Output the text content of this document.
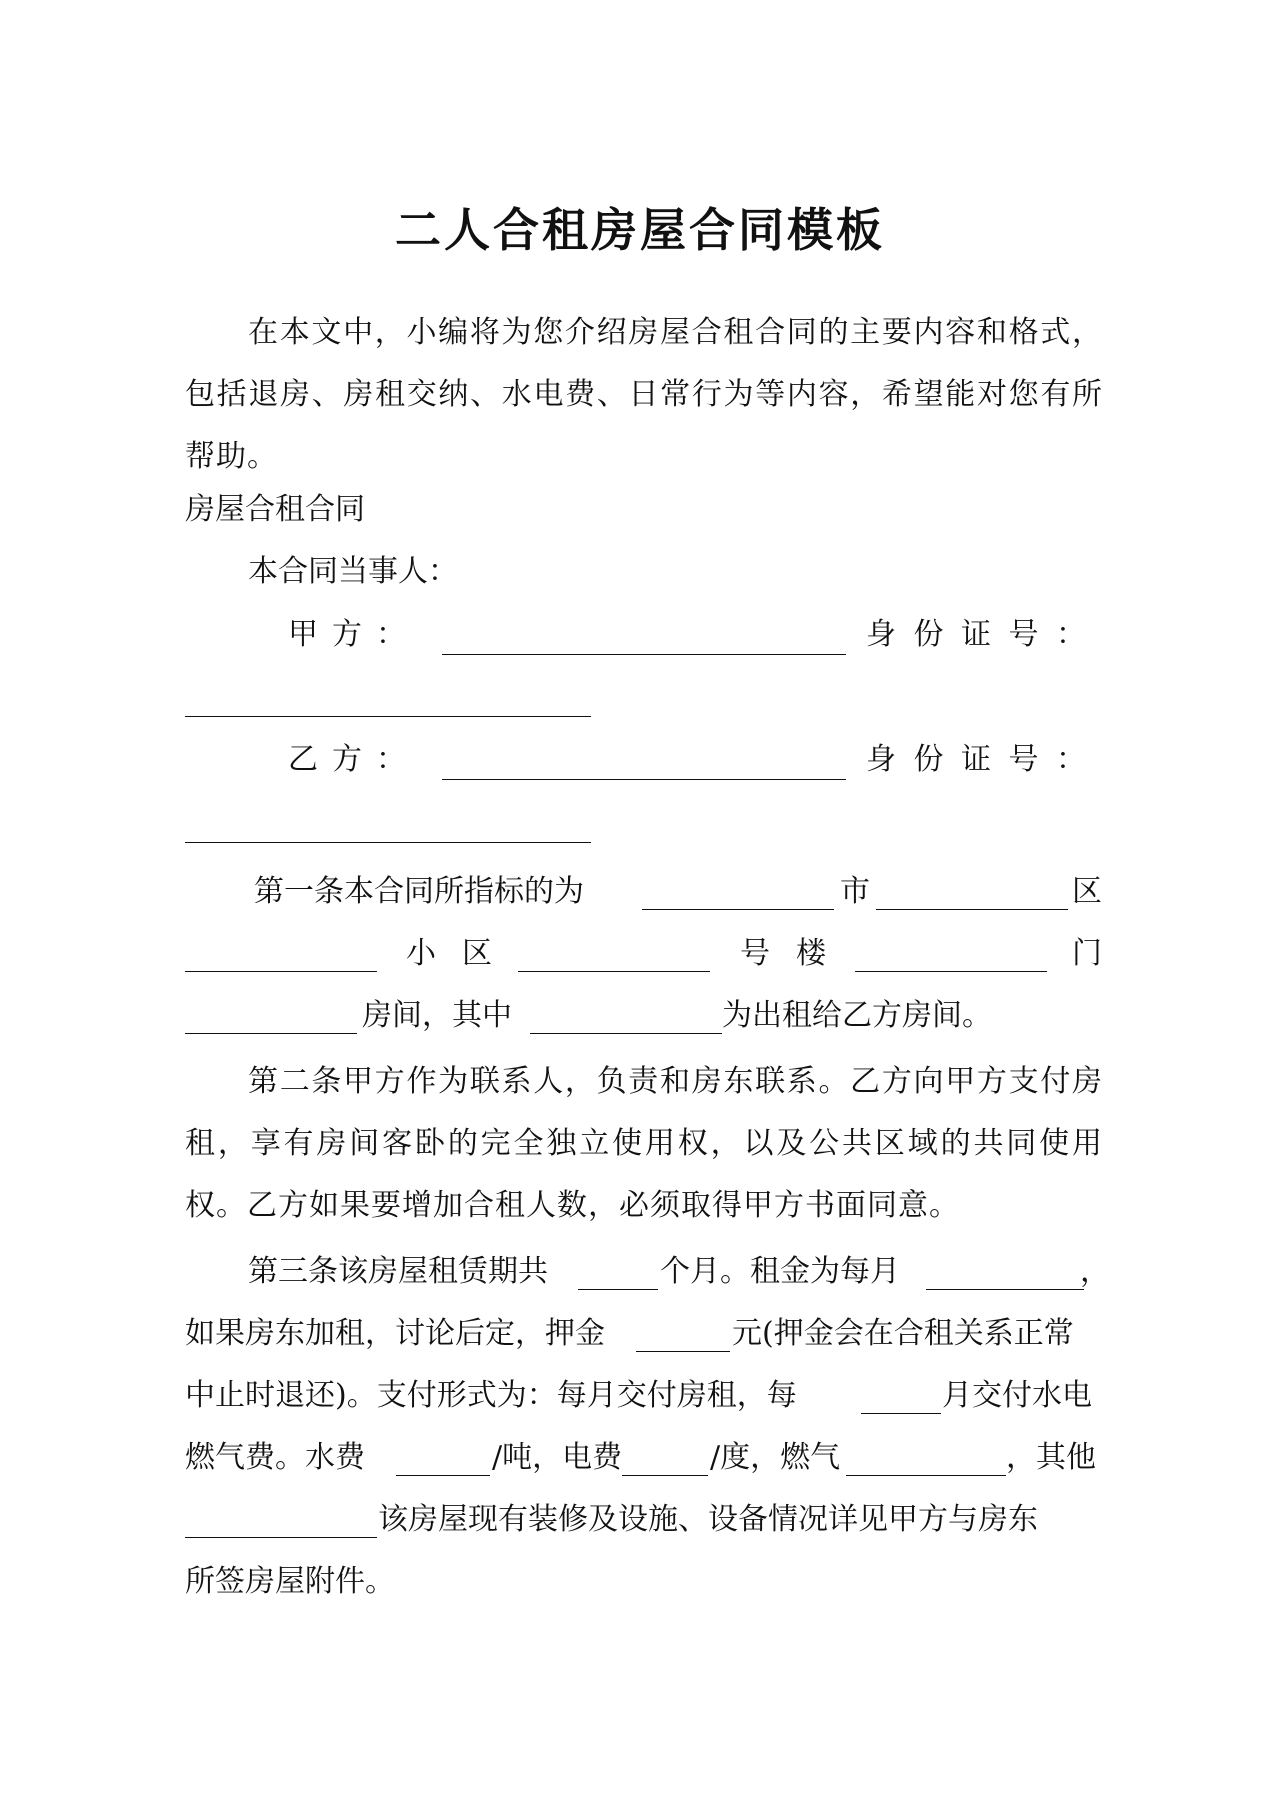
二人合租房屋合同模板

在本文中，小编将为您介绍房屋合租合同的主要内容和格式，包括退房、房租交纳、水电费、日常行为等内容，希望能对您有所帮助。

房屋合租合同
本合同当事人：
甲 方 ：	身 份 证 号 ：
乙 方 ：	身 份 证 号 ：
第一条本合同所指标的为	市	区
小 区	号 楼	门
房间，其中	为出租给乙方房间。

第二条甲方作为联系人，负责和房东联系。乙方向甲方支付房租，享有房间客卧的完全独立使用权，以及公共区域的共同使用权。乙方如果要增加合租人数，必须取得甲方书面同意。

第三条该房屋租赁期共	个月。租金为每月	，
如果房东加租，讨论后定，押金	元(押金会在合租关系正常
中止时退还)。支付形式为：每月交付房租，每	月交付水电
燃气费。水费	/吨，电费	/度，燃气	，其他
该房屋现有装修及设施、设备情况详见甲方与房东
所签房屋附件。
